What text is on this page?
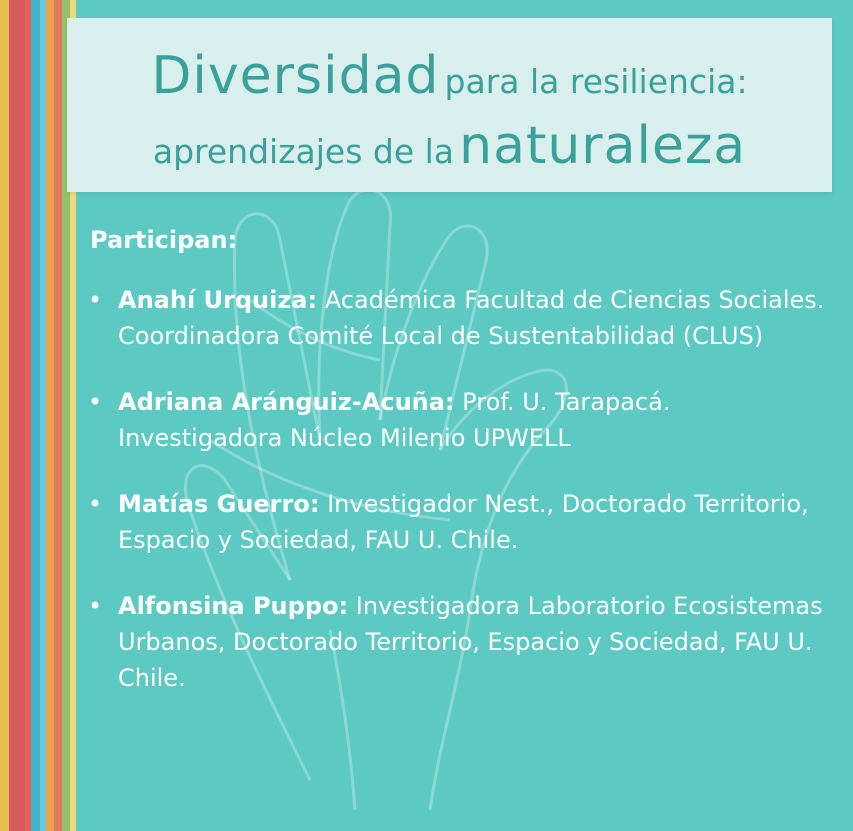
Diversidad para la resiliencia:
aprendizajes de la naturaleza
Participan:
• Anahí Urquiza: Académica Facultad de Ciencias Sociales. Coordinadora Comité Local de Sustentabilidad (CLUS)
• Adriana Aránguiz-Acuña: Prof. U. Tarapacá. Investigadora Núcleo Milenio UPWELL
• Matías Guerro: Investigador Nest., Doctorado Territorio, Espacio y Sociedad, FAU U. Chile.
• Alfonsina Puppo: Investigadora Laboratorio Ecosistemas Urbanos, Doctorado Territorio, Espacio y Sociedad, FAU U. Chile.
